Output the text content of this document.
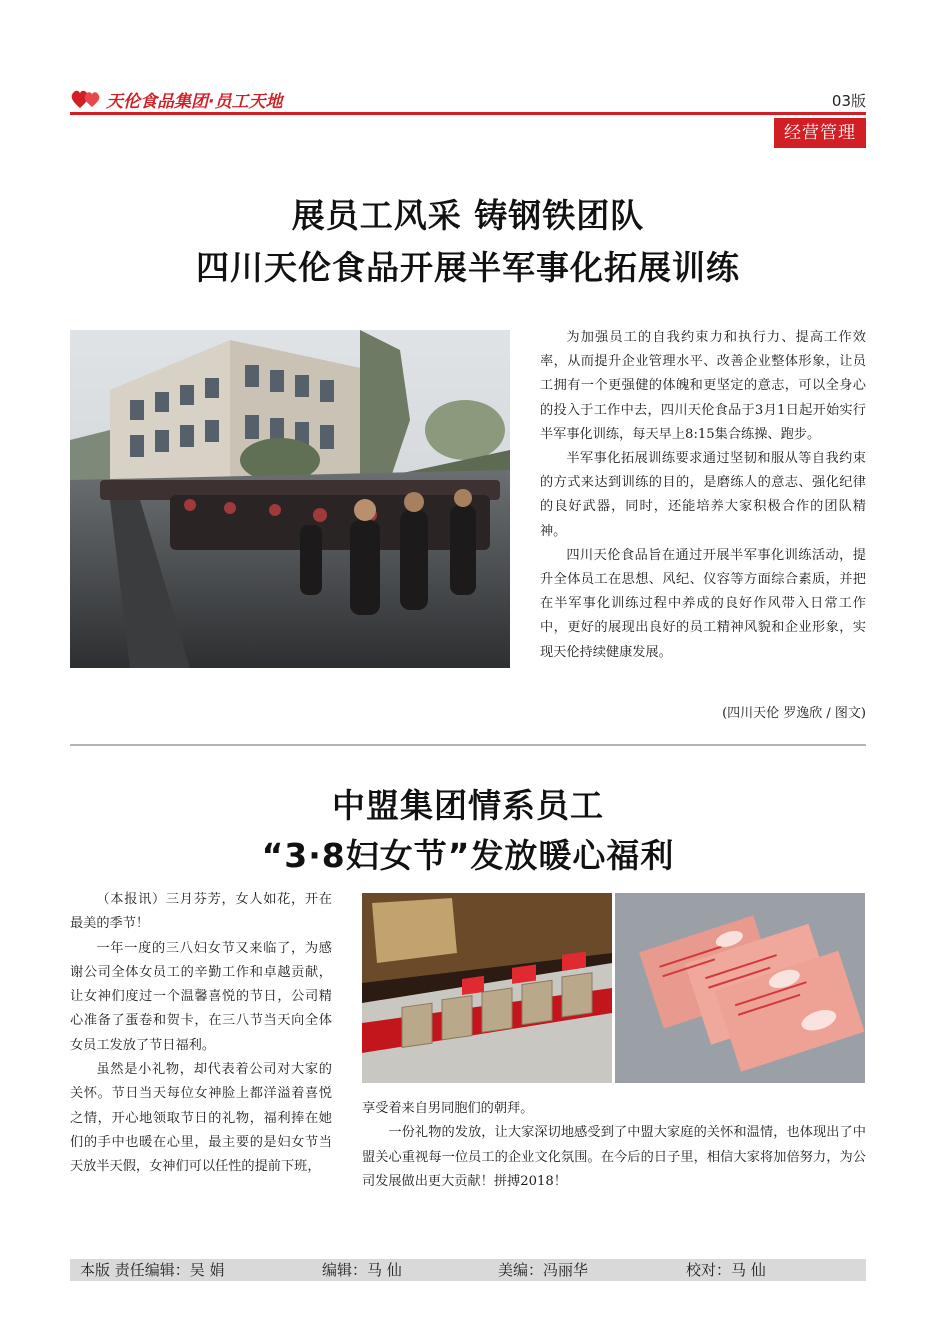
天伦食品集团·员工天地	03版
经营管理
展员工风采 铸钢铁团队
四川天伦食品开展半军事化拓展训练

为加强员工的自我约束力和执行力、提高工作效率，从而提升企业管理水平、改善企业整体形象，让员工拥有一个更强健的体魄和更坚定的意志，可以全身心的投入于工作中去，四川天伦食品于3月1日起开始实行半军事化训练，每天早上8:15集合练操、跑步。

半军事化拓展训练要求通过坚韧和服从等自我约束的方式来达到训练的目的，是磨练人的意志、强化纪律的良好武器，同时，还能培养大家积极合作的团队精神。

四川天伦食品旨在通过开展半军事化训练活动，提升全体员工在思想、风纪、仪容等方面综合素质，并把在半军事化训练过程中养成的良好作风带入日常工作中，更好的展现出良好的员工精神风貌和企业形象，实现天伦持续健康发展。

(四川天伦 罗逸欣 / 图文)
中盟集团情系员工
“3·8妇女节”发放暖心福利

（本报讯）三月芬芳，女人如花，开在最美的季节！

一年一度的三八妇女节又来临了，为感谢公司全体女员工的辛勤工作和卓越贡献，让女神们度过一个温馨喜悦的节日，公司精心准备了蛋卷和贺卡，在三八节当天向全体女员工发放了节日福利。

虽然是小礼物，却代表着公司对大家的关怀。节日当天每位女神脸上都洋溢着喜悦之情，开心地领取节日的礼物，福利捧在她们的手中也暖在心里，最主要的是妇女节当天放半天假，女神们可以任性的提前下班，

享受着来自男同胞们的朝拜。

一份礼物的发放，让大家深切地感受到了中盟大家庭的关怀和温情，也体现出了中盟关心重视每一位员工的企业文化氛围。在今后的日子里，相信大家将加倍努力，为公司发展做出更大贡献！拼搏2018！

本版 责任编辑：吴 娟	编辑：马 仙	美编：冯丽华	校对：马 仙
